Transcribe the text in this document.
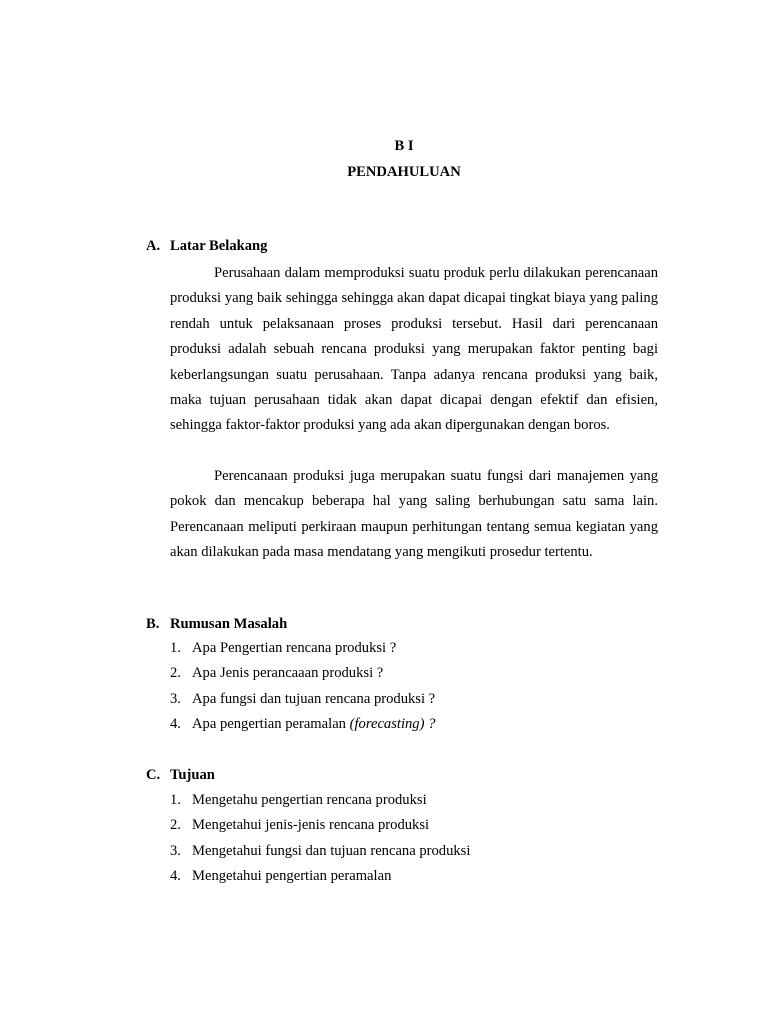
B I
PENDAHULUAN
A. Latar Belakang

Perusahaan dalam memproduksi suatu produk perlu dilakukan perencanaan produksi yang baik sehingga sehingga akan dapat dicapai tingkat biaya yang paling rendah untuk pelaksanaan proses produksi tersebut. Hasil dari perencanaan produksi adalah sebuah rencana produksi yang merupakan faktor penting bagi keberlangsungan suatu perusahaan. Tanpa adanya rencana produksi yang baik, maka tujuan perusahaan tidak akan dapat dicapai dengan efektif dan efisien, sehingga faktor-faktor produksi yang ada akan dipergunakan dengan boros.

Perencanaan produksi juga merupakan suatu fungsi dari manajemen yang pokok dan mencakup beberapa hal yang saling berhubungan satu sama lain. Perencanaan meliputi perkiraan maupun perhitungan tentang semua kegiatan yang akan dilakukan pada masa mendatang yang mengikuti prosedur tertentu.

B. Rumusan Masalah
1. Apa Pengertian rencana produksi ?
2. Apa Jenis perancaaan produksi ?
3. Apa fungsi dan tujuan rencana produksi ?
4. Apa pengertian peramalan (forecasting) ?
C. Tujuan
1. Mengetahu pengertian rencana produksi
2. Mengetahui jenis-jenis rencana produksi
3. Mengetahui fungsi dan tujuan rencana produksi
4. Mengetahui pengertian peramalan
